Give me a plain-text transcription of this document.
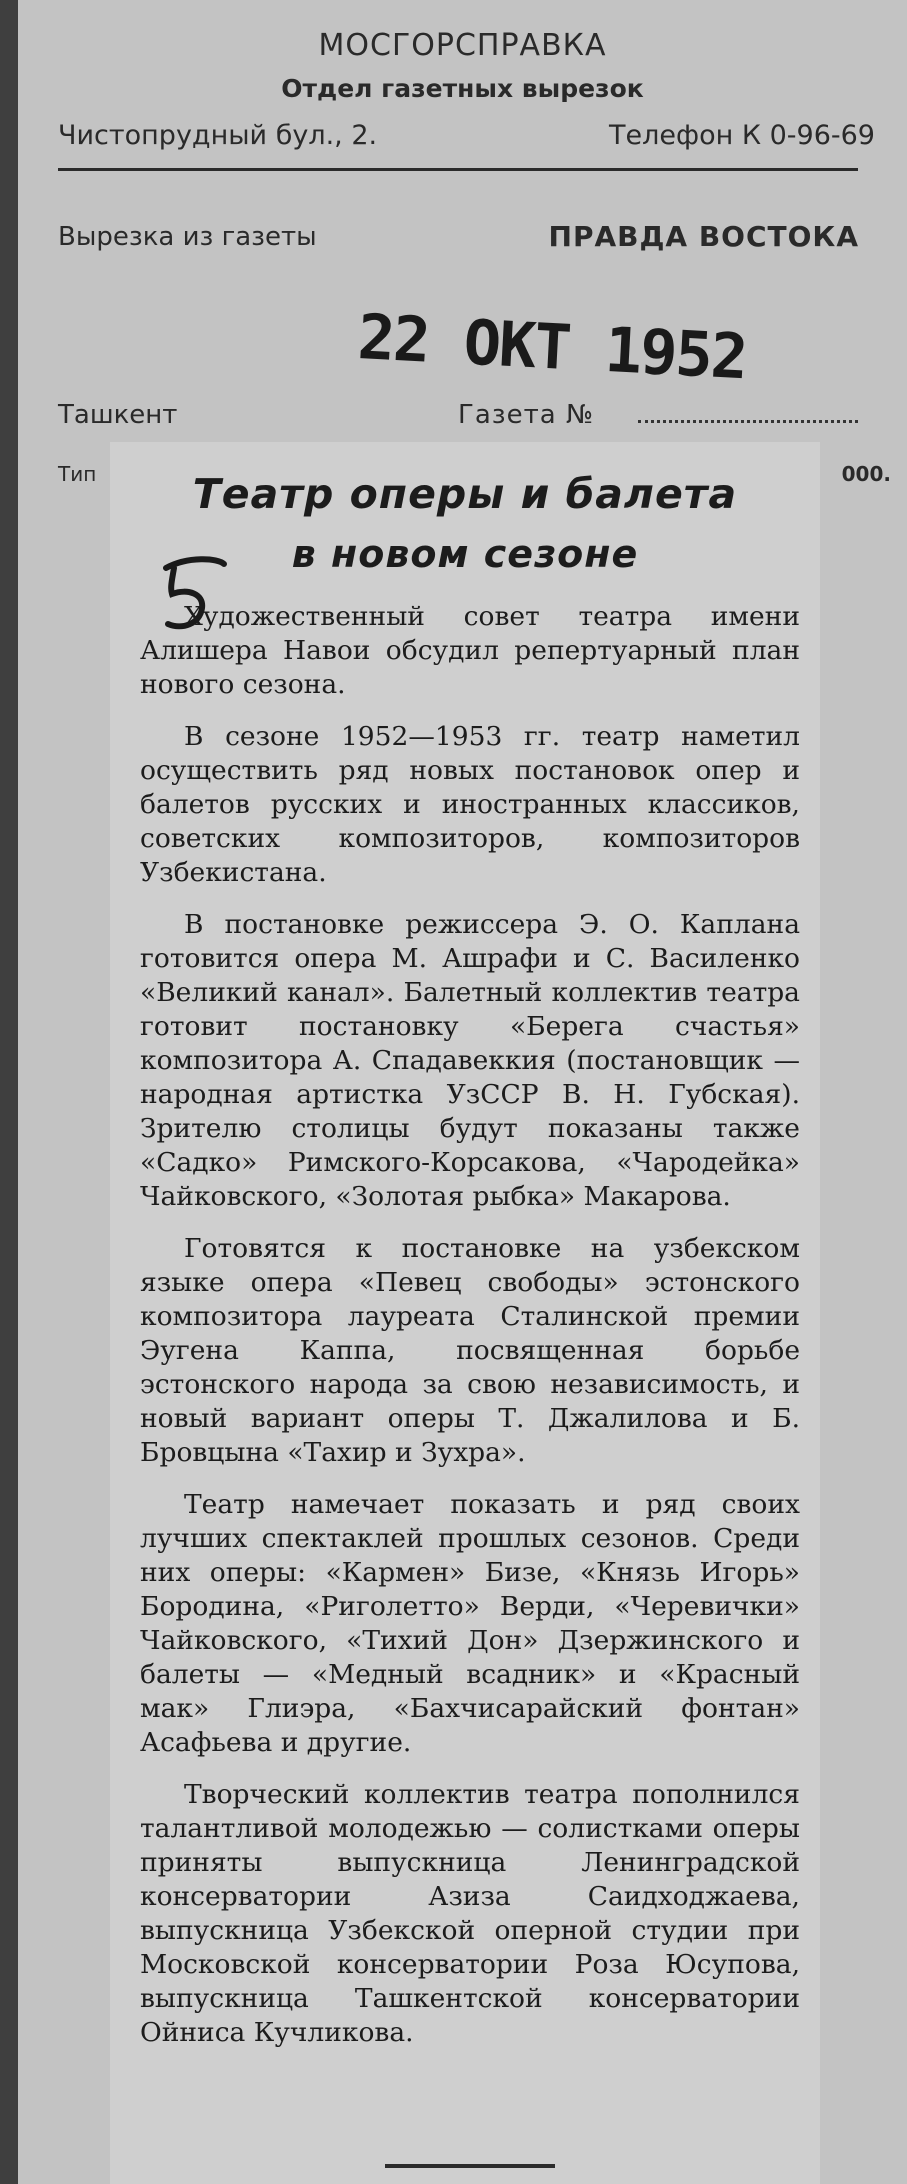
МОСГОРСПРАВКА
Отдел газетных вырезок
Чистопрудный бул., 2.	Телефон К 0-96-69
Вырезка из газеты	ПРАВДА ВОСТОКА
22 ОКТ 1952
Ташкент	Газета №
Тип	000.
Театр оперы и балета
в новом сезоне

Художественный совет театра имени Алишера Навои обсудил репертуарный план нового сезона.

В сезоне 1952—1953 гг. театр наметил осуществить ряд новых постановок опер и балетов русских и иностранных классиков, советских композиторов, композиторов Узбекистана.

В постановке режиссера Э. О. Каплана готовится опера М. Ашрафи и С. Василенко «Великий канал». Балетный коллектив театра готовит постановку «Берега счастья» композитора А. Спадавеккия (постановщик — народная артистка УзССР В. Н. Губская). Зрителю столицы будут показаны также «Садко» Римского-Корсакова, «Чародейка» Чайковского, «Золотая рыбка» Макарова.

Готовятся к постановке на узбекском языке опера «Певец свободы» эстонского композитора лауреата Сталинской премии Эугена Каппа, посвященная борьбе эстонского народа за свою независимость, и новый вариант оперы Т. Джалилова и Б. Бровцына «Тахир и Зухра».

Театр намечает показать и ряд своих лучших спектаклей прошлых сезонов. Среди них оперы: «Кармен» Бизе, «Князь Игорь» Бородина, «Риголетто» Верди, «Черевички» Чайковского, «Тихий Дон» Дзержинского и балеты — «Медный всадник» и «Красный мак» Глиэра, «Бахчисарайский фонтан» Асафьева и другие.

Творческий коллектив театра пополнился талантливой молодежью — солистками оперы приняты выпускница Ленинградской консерватории Азиза Саидходжаева, выпускница Узбекской оперной студии при Московской консерватории Роза Юсупова, выпускница Ташкентской консерватории Ойниса Кучликова.
